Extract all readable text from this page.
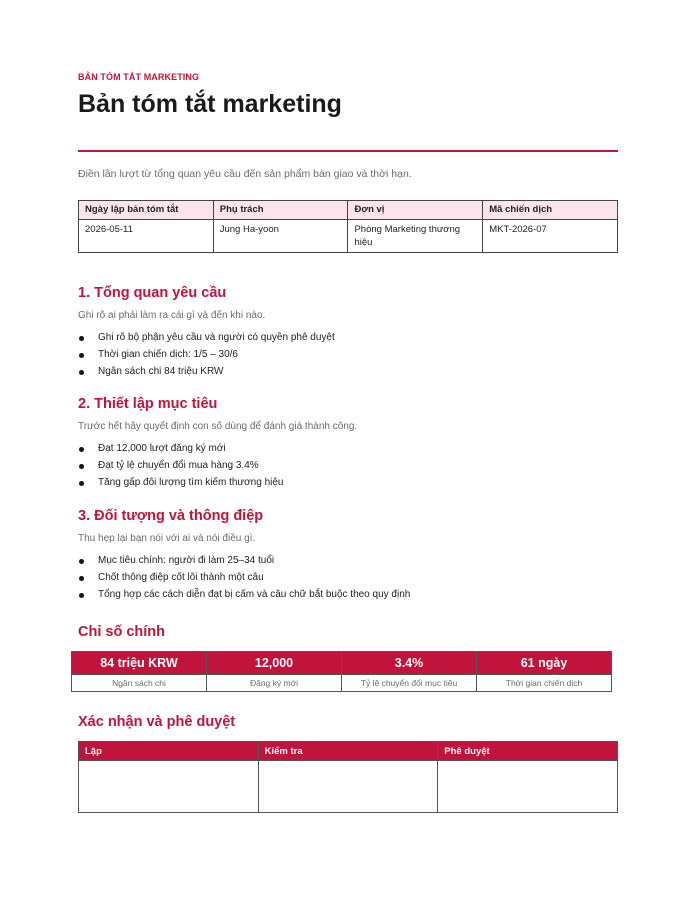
BẢN TÓM TẮT MARKETING
Bản tóm tắt marketing
Điền lần lượt từ tổng quan yêu cầu đến sản phẩm bàn giao và thời hạn.
Ngày lập bản tóm tắt	Phụ trách	Đơn vị	Mã chiến dịch
2026-05-11	Jung Ha-yoon	Phòng Marketing thương hiệu	MKT-2026-07
1. Tổng quan yêu cầu
Ghi rõ ai phải làm ra cái gì và đến khi nào.
Ghi rõ bộ phận yêu cầu và người có quyền phê duyệt
Thời gian chiến dịch: 1/5 – 30/6
Ngân sách chi 84 triệu KRW
2. Thiết lập mục tiêu
Trước hết hãy quyết định con số dùng để đánh giá thành công.
Đạt 12,000 lượt đăng ký mới
Đạt tỷ lệ chuyển đổi mua hàng 3.4%
Tăng gấp đôi lượng tìm kiếm thương hiệu
3. Đối tượng và thông điệp
Thu hẹp lại bạn nói với ai và nói điều gì.
Mục tiêu chính: người đi làm 25–34 tuổi
Chốt thông điệp cốt lõi thành một câu
Tổng hợp các cách diễn đạt bị cấm và câu chữ bắt buộc theo quy định
Chỉ số chính
84 triệu KRW	12,000	3.4%	61 ngày
Ngân sách chi	Đăng ký mới	Tỷ lệ chuyển đổi mục tiêu	Thời gian chiến dịch
Xác nhận và phê duyệt
Lập	Kiểm tra	Phê duyệt
